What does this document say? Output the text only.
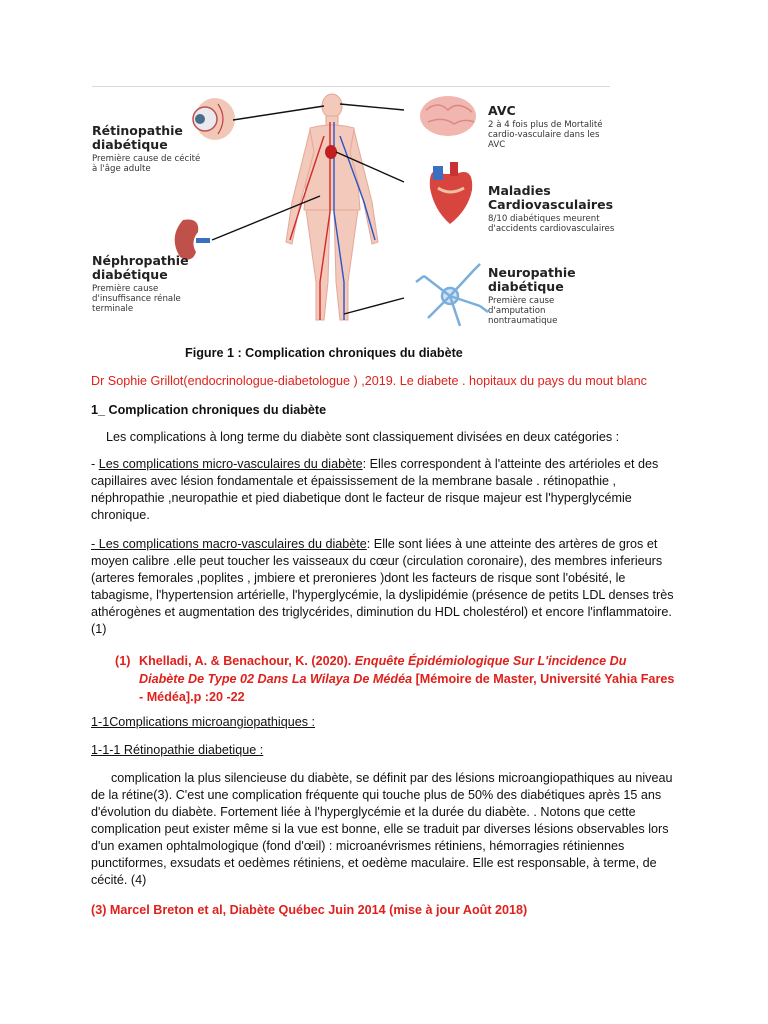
Rétinopathie diabétique
Première cause de cécité à l'âge adulte
Néphropathie diabétique
Première cause d'insuffisance rénale terminale
AVC
2 à 4 fois plus de Mortalité cardio-vasculaire dans les AVC
Maladies Cardiovasculaires
8/10 diabétiques meurent d'accidents cardiovasculaires
Neuropathie diabétique
Première cause d'amputation nontraumatique
Figure 1 : Complication chroniques du diabète
Dr Sophie Grillot(endocrinologue-diabetologue ) ,2019. Le diabete . hopitaux du pays du mout blanc
1_ Complication chroniques du diabète
Les complications à long terme du diabète sont classiquement divisées en deux catégories :
- Les complications micro-vasculaires du diabète: Elles correspondent à l'atteinte des artérioles et des capillaires avec lésion fondamentale et épaississement de la membrane basale . rétinopathie , néphropathie ,neuropathie et pied diabetique dont le facteur de risque majeur est l'hyperglycémie chronique.
- Les complications macro-vasculaires du diabète: Elle sont liées à une atteinte des artères de gros et moyen calibre .elle peut toucher les vaisseaux du cœur (circulation coronaire), des membres inferieurs (arteres femorales ,poplites , jmbiere et preronieres )dont les facteurs de risque sont l'obésité, le tabagisme, l'hypertension artérielle, l'hyperglycémie, la dyslipidémie (présence de petits LDL denses très athérogènes et augmentation des triglycérides, diminution du HDL cholestérol) et encore l'inflammatoire. (1)
(1) Khelladi, A. & Benachour, K. (2020). Enquête Épidémiologique Sur L'incidence Du Diabète De Type 02 Dans La Wilaya De Médéa [Mémoire de Master, Université Yahia Fares - Médéa].p :20 -22
1-1Complications microangiopathiques :
1-1-1 Rétinopathie diabetique :
complication la plus silencieuse du diabète, se définit par des lésions microangiopathiques au niveau de la rétine(3). C'est une complication fréquente qui touche plus de 50% des diabétiques après 15 ans d'évolution du diabète. Fortement liée à l'hyperglycémie et la durée du diabète. . Notons que cette complication peut exister même si la vue est bonne, elle se traduit par diverses lésions observables lors d'un examen ophtalmologique (fond d'œil) : microanévrismes rétiniens, hémorragies rétiniennes punctiformes, exsudats et oedèmes rétiniens, et oedème maculaire. Elle est responsable, à terme, de cécité. (4)
(3) Marcel Breton et al, Diabète Québec Juin 2014 (mise à jour Août 2018)
